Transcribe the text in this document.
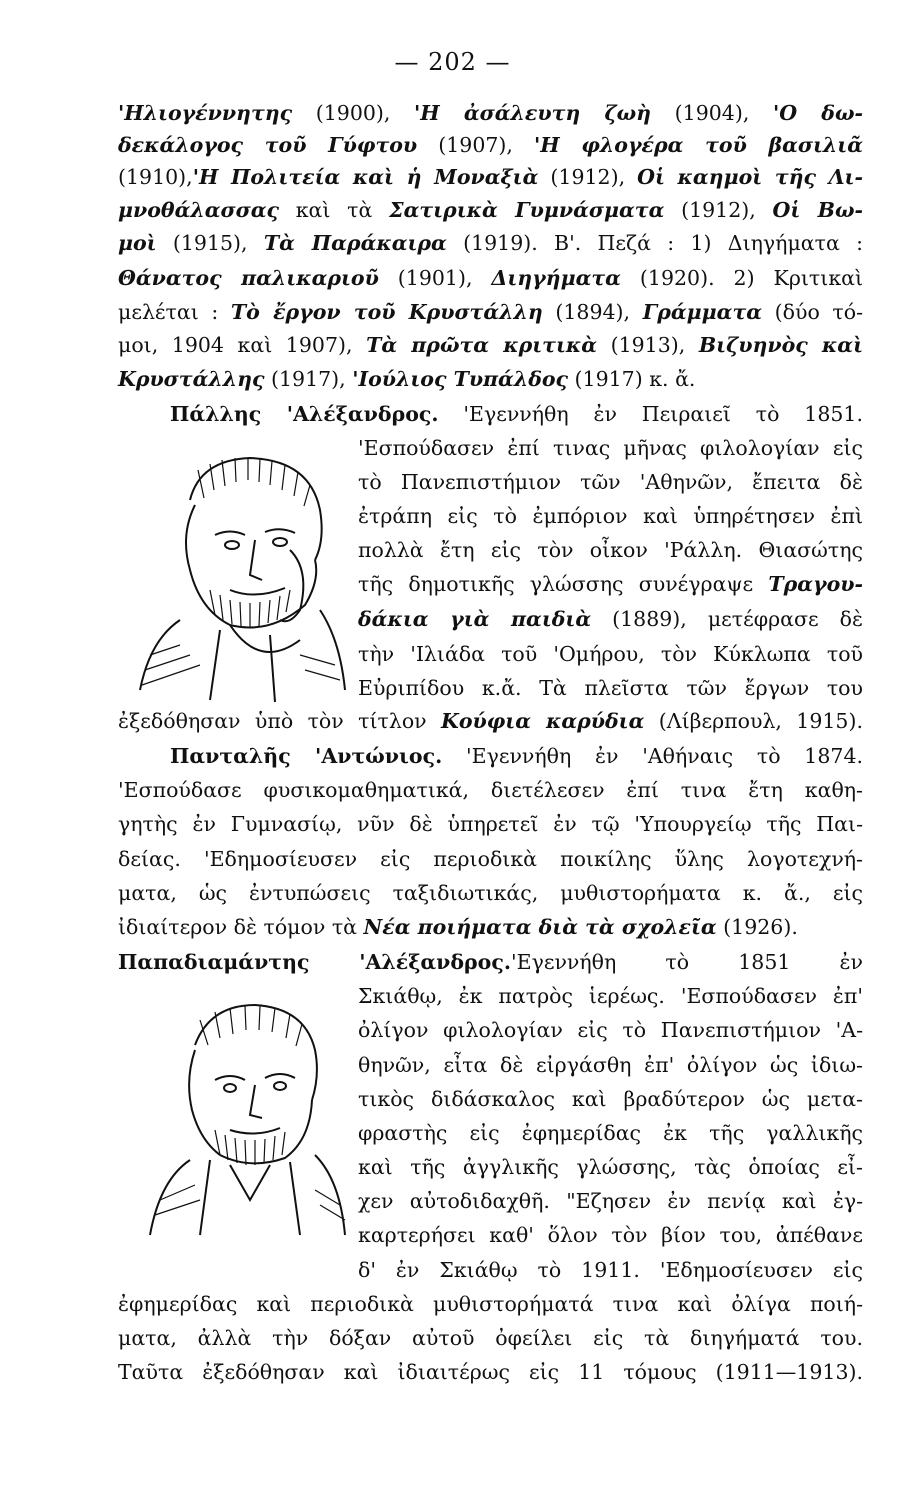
— 202 —
'Ηλιογέννητης (1900), 'Η ἀσάλευτη ζωὴ (1904), 'Ο δω-
δεκάλογος τοῦ Γύφτου (1907), 'Η φλογέρα τοῦ βασιλιᾶ
(1910),'Η Πολιτεία καὶ ἡ Μοναξιὰ (1912), Οἱ καημοὶ τῆς Λι-
μνοθάλασσας καὶ τὰ Σατιρικὰ Γυμνάσματα (1912), Οἱ Βω-
μοὶ (1915), Τὰ Παράκαιρα (1919). Β'. Πεζά : 1) Διηγήματα :
Θάνατος παλικαριοῦ (1901), Διηγήματα (1920). 2) Κριτικαὶ
μελέται : Τὸ ἔργον τοῦ Κρυστάλλη (1894), Γράμματα (δύο τό-
μοι, 1904 καὶ 1907), Τὰ πρῶτα κριτικὰ (1913), Βιζυηνὸς καὶ
Κρυστάλλης (1917), 'Ιούλιος Τυπάλδος (1917) κ. ἄ.
Πάλλης 'Αλέξανδρος. 'Εγεννήθη ἐν Πειραιεῖ τὸ 1851.
'Εσπούδασεν ἐπί τινας μῆνας φιλολογίαν εἰς
τὸ Πανεπιστήμιον τῶν 'Αθηνῶν, ἔπειτα δὲ
ἐτράπη εἰς τὸ ἐμπόριον καὶ ὑπηρέτησεν ἐπὶ
πολλὰ ἔτη εἰς τὸν οἶκον 'Ράλλη. Θιασώτης
τῆς δημοτικῆς γλώσσης συνέγραψε Τραγου-
δάκια γιὰ παιδιὰ (1889), μετέφρασε δὲ
τὴν 'Ιλιάδα τοῦ 'Ομήρου, τὸν Κύκλωπα τοῦ
Εὐριπίδου κ.ἄ. Τὰ πλεῖστα τῶν ἔργων του
ἐξεδόθησαν ὑπὸ τὸν τίτλον Κούφια καρύδια (Λίβερπουλ, 1915).
Πανταλῆς 'Αντώνιος. 'Εγεννήθη ἐν 'Αθήναις τὸ 1874.
'Εσπούδασε φυσικομαθηματικά, διετέλεσεν ἐπί τινα ἔτη καθη-
γητὴς ἐν Γυμνασίῳ, νῦν δὲ ὑπηρετεῖ ἐν τῷ 'Υπουργείῳ τῆς Παι-
δείας. 'Εδημοσίευσεν εἰς περιοδικὰ ποικίλης ὕλης λογοτεχνή-
ματα, ὡς ἐντυπώσεις ταξιδιωτικάς, μυθιστορήματα κ. ἄ., εἰς
ἰδιαίτερον δὲ τόμον τὰ Νέα ποιήματα διὰ τὰ σχολεῖα (1926).
Παπαδιαμάντης 'Αλέξανδρος.'Εγεννήθη τὸ 1851 ἐν
Σκιάθῳ, ἐκ πατρὸς ἱερέως. 'Εσπούδασεν ἐπ'
ὀλίγον φιλολογίαν εἰς τὸ Πανεπιστήμιον 'Α-
θηνῶν, εἶτα δὲ εἰργάσθη ἐπ' ὀλίγον ὡς ἰδιω-
τικὸς διδάσκαλος καὶ βραδύτερον ὡς μετα-
φραστὴς εἰς ἐφημερίδας ἐκ τῆς γαλλικῆς
καὶ τῆς ἀγγλικῆς γλώσσης, τὰς ὁποίας εἶ-
χεν αὐτοδιδαχθῆ. "Εζησεν ἐν πενίᾳ καὶ ἐγ-
καρτερήσει καθ' ὅλον τὸν βίον του, ἀπέθανε
δ' ἐν Σκιάθῳ τὸ 1911. 'Εδημοσίευσεν εἰς
ἐφημερίδας καὶ περιοδικὰ μυθιστορήματά τινα καὶ ὀλίγα ποιή-
ματα, ἀλλὰ τὴν δόξαν αὐτοῦ ὀφείλει εἰς τὰ διηγήματά του.
Ταῦτα ἐξεδόθησαν καὶ ἰδιαιτέρως εἰς 11 τόμους (1911—1913).
